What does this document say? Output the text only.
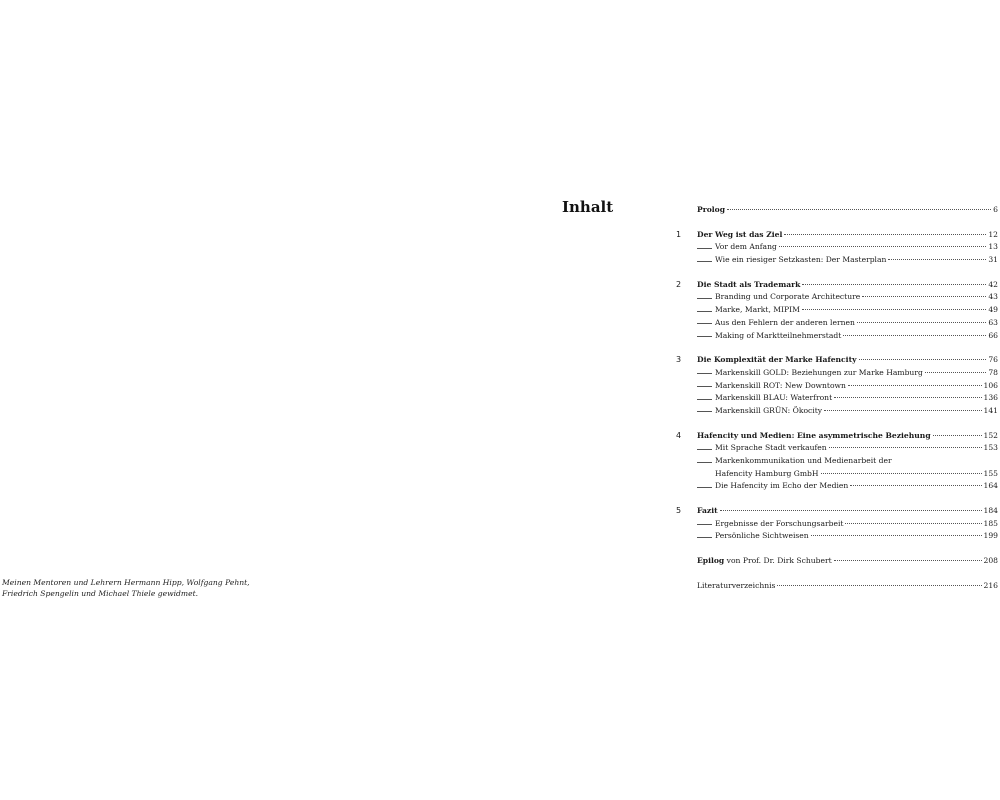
Meinen Mentoren und Lehrern Hermann Hipp, Wolfgang Pehnt,
Friedrich Spengelin und Michael Thiele gewidmet.
Inhalt	Prolog	6
1 Der Weg ist das Ziel	12
Vor dem Anfang	13
Wie ein riesiger Setzkasten: Der Masterplan	31
2 Die Stadt als Trademark	42
Branding und Corporate Architecture	43
Marke, Markt, MIPIM	49
Aus den Fehlern der anderen lernen	63
Making of Marktteilnehmerstadt	66
3 Die Komplexität der Marke Hafencity	76
Markenskill GOLD: Beziehungen zur Marke Hamburg	78
Markenskill ROT: New Downtown	106
Markenskill BLAU: Waterfront	136
Markenskill GRÜN: Ökocity	141
4 Hafencity und Medien: Eine asymmetrische Beziehung	152
Mit Sprache Stadt verkaufen	153
Markenkommunikation und Medienarbeit der
Hafencity Hamburg GmbH	155
Die Hafencity im Echo der Medien	164
5 Fazit	184
Ergebnisse der Forschungsarbeit	185
Persönliche Sichtweisen	199
Epilog von Prof. Dr. Dirk Schubert	208
Literaturverzeichnis	216
